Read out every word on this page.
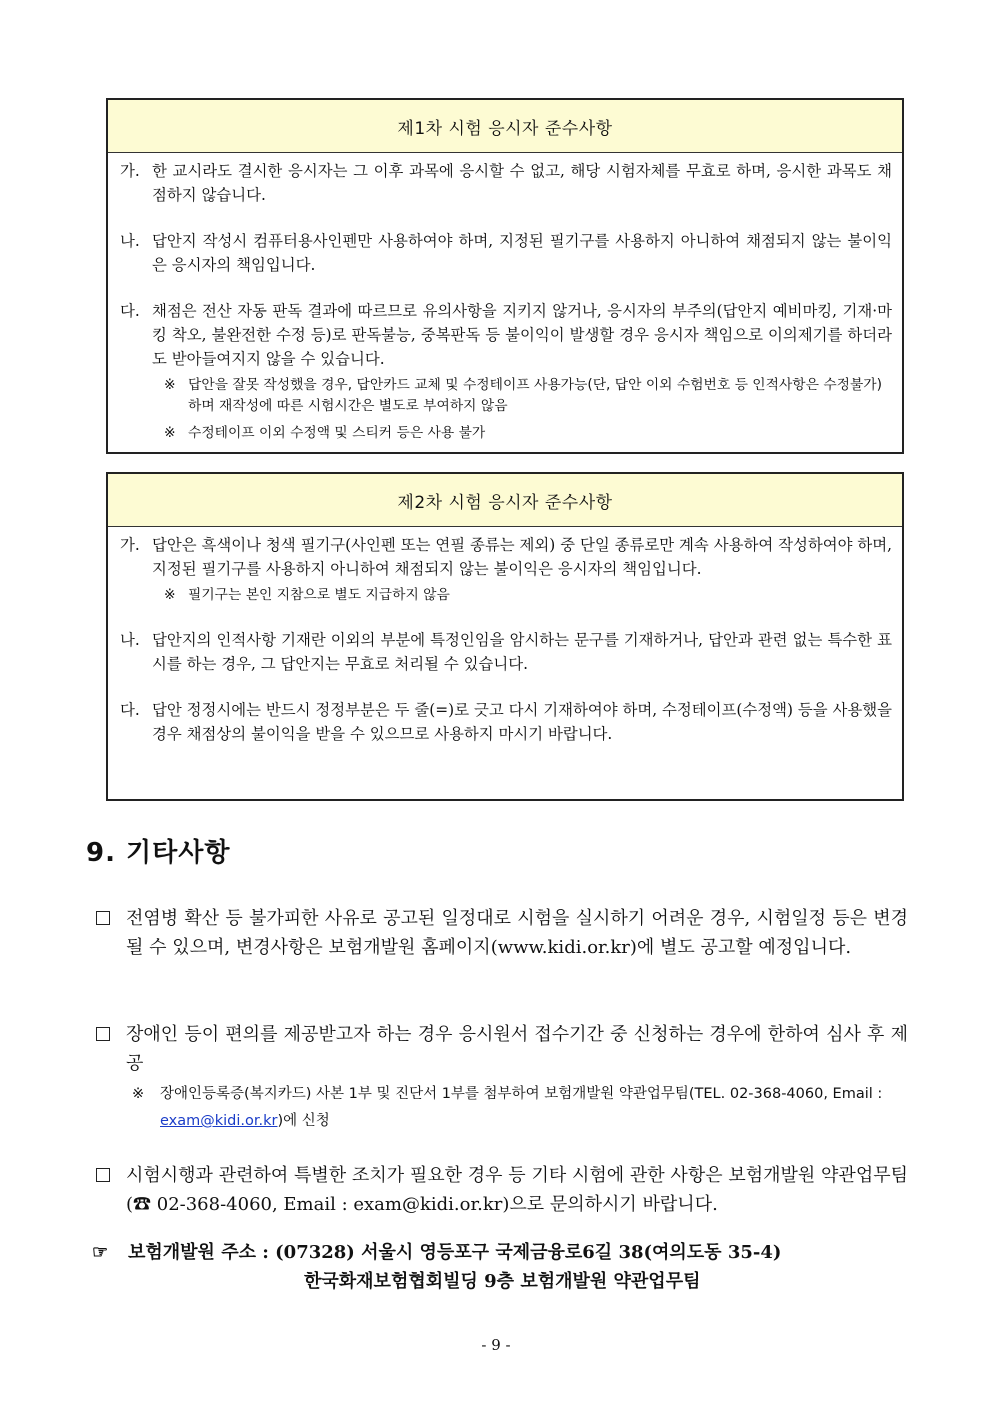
제1차 시험 응시자 준수사항
가. 한 교시라도 결시한 응시자는 그 이후 과목에 응시할 수 없고, 해당 시험자체를 무효로 하며, 응시한 과목도 채점하지 않습니다.
나. 답안지 작성시 컴퓨터용사인펜만 사용하여야 하며, 지정된 필기구를 사용하지 아니하여 채점되지 않는 불이익은 응시자의 책임입니다.
다. 채점은 전산 자동 판독 결과에 따르므로 유의사항을 지키지 않거나, 응시자의 부주의(답안지 예비마킹, 기재·마킹 착오, 불완전한 수정 등)로 판독불능, 중복판독 등 불이익이 발생할 경우 응시자 책임으로 이의제기를 하더라도 받아들여지지 않을 수 있습니다.
※ 답안을 잘못 작성했을 경우, 답안카드 교체 및 수정테이프 사용가능(단, 답안 이외 수험번호 등 인적사항은 수정불가)하며 재작성에 따른 시험시간은 별도로 부여하지 않음
※ 수정테이프 이외 수정액 및 스티커 등은 사용 불가
제2차 시험 응시자 준수사항
가. 답안은 흑색이나 청색 필기구(사인펜 또는 연필 종류는 제외) 중 단일 종류로만 계속 사용하여 작성하여야 하며, 지정된 필기구를 사용하지 아니하여 채점되지 않는 불이익은 응시자의 책임입니다.
※ 필기구는 본인 지참으로 별도 지급하지 않음
나. 답안지의 인적사항 기재란 이외의 부분에 특정인임을 암시하는 문구를 기재하거나, 답안과 관련 없는 특수한 표시를 하는 경우, 그 답안지는 무효로 처리될 수 있습니다.
다. 답안 정정시에는 반드시 정정부분은 두 줄(=)로 긋고 다시 기재하여야 하며, 수정테이프(수정액) 등을 사용했을 경우 채점상의 불이익을 받을 수 있으므로 사용하지 마시기 바랍니다.
9. 기타사항
전염병 확산 등 불가피한 사유로 공고된 일정대로 시험을 실시하기 어려운 경우, 시험일정 등은 변경될 수 있으며, 변경사항은 보험개발원 홈페이지(www.kidi.or.kr)에 별도 공고할 예정입니다.
장애인 등이 편의를 제공받고자 하는 경우 응시원서 접수기간 중 신청하는 경우에 한하여 심사 후 제공
※ 장애인등록증(복지카드) 사본 1부 및 진단서 1부를 첨부하여 보험개발원 약관업무팀(TEL. 02-368-4060, Email : exam@kidi.or.kr)에 신청
시험시행과 관련하여 특별한 조치가 필요한 경우 등 기타 시험에 관한 사항은 보험개발원 약관업무팀(☎ 02-368-4060, Email : exam@kidi.or.kr)으로 문의하시기 바랍니다.
☞	보험개발원 주소 : (07328) 서울시 영등포구 국제금융로6길 38(여의도동 35-4)
한국화재보험협회빌딩 9층 보험개발원 약관업무팀
- 9 -
